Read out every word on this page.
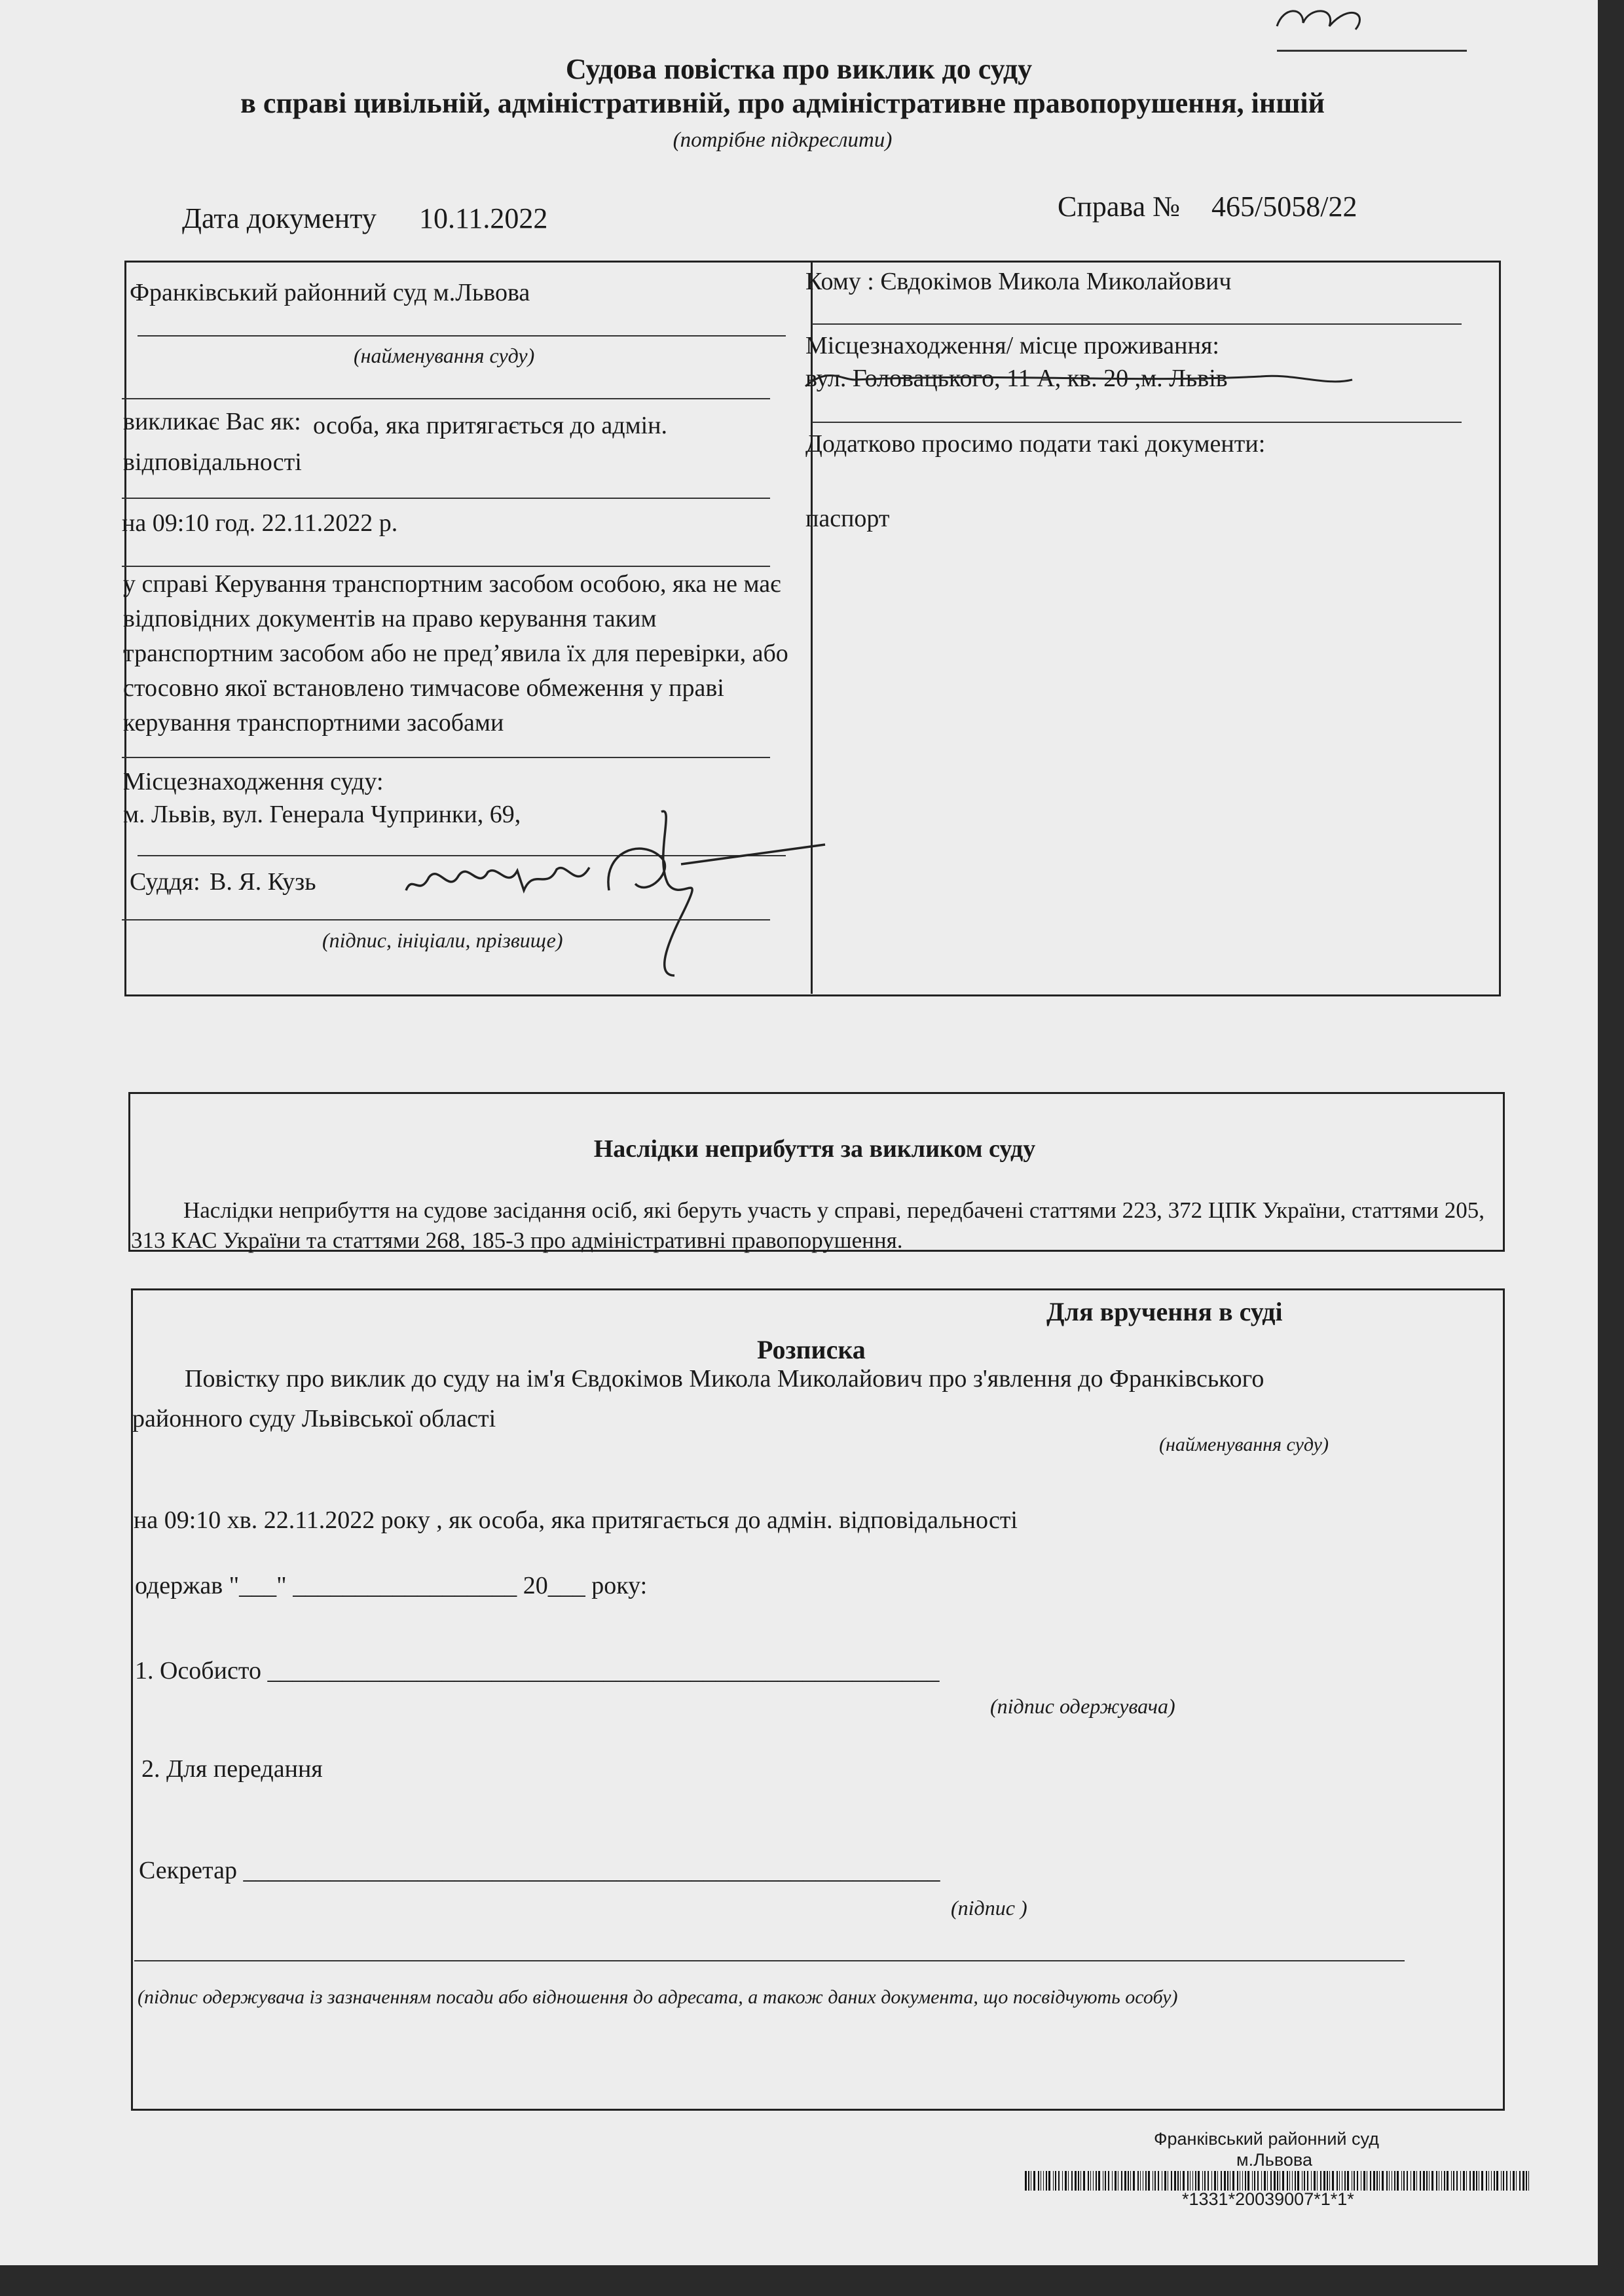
Судова повістка про виклик до суду
в справі цивільній, адміністративній, про адміністративне правопорушення, іншій
(потрібне підкреслити)
Дата документу 10.11.2022	Справа № 465/5058/22
Франківський районний суд м.Львова
(найменування суду)
викликає Вас як: особа, яка притягається до адмін. відповідальності
на 09:10 год. 22.11.2022 р.
у справі Керування транспортним засобом особою, яка не має відповідних документів на право керування таким транспортним засобом або не пред’явила їх для перевірки, або стосовно якої встановлено тимчасове обмеження у праві керування транспортними засобами
Місцезнаходження суду:
м. Львів, вул. Генерала Чупринки, 69,
Суддя: В. Я. Кузь
(підпис, ініціали, прізвище)
Кому : Євдокімов Микола Миколайович
Місцезнаходження/ місце проживання:
вул. Головацького, 11 А, кв. 20 ,м. Львів
Додатково просимо подати такі документи:
паспорт
Наслідки неприбуття за викликом суду
Наслідки неприбуття на судове засідання осіб, які беруть участь у справі, передбачені статтями 223, 372 ЦПК України, статтями 205, 313 КАС України та статтями 268, 185-3 про адміністративні правопорушення.
Для вручення в суді
Розписка
Повістку про виклик до суду на ім'я Євдокімов Микола Миколайович про з'явлення до Франківського
районного суду Львівської області
(найменування суду)
на 09:10 хв. 22.11.2022 року , як особа, яка притягається до адмін. відповідальності
одержав "___" __________________ 20___ року:
1. Особисто ______________________________________________________
(підпис одержувача)
2. Для передання
Секретар ________________________________________________________
(підпис )
(підпис одержувача із зазначенням посади або відношення до адресата, а також даних документа, що посвідчують особу)
Франківський районний суд
м.Львова
*1331*20039007*1*1*
